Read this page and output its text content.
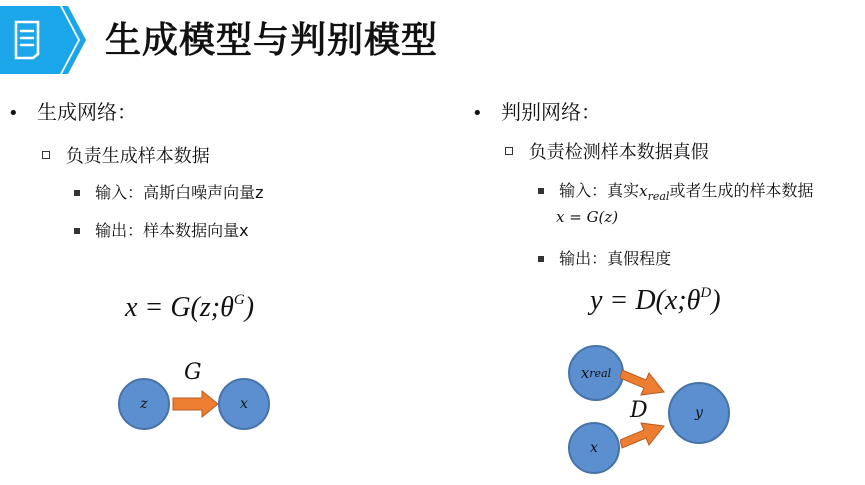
生成模型与判别模型
• 生成网络：
负责生成样本数据
输入：高斯白噪声向量z
输出：样本数据向量x
$x = G(z;\theta^G)$
G
z	x
• 判别网络：
负责检测样本数据真假
输入：真实$x_{real}$或者生成的样本数据
x = G(z)
输出：真假程度
$y = D(x;\theta^D)$
x real
x
D	y
